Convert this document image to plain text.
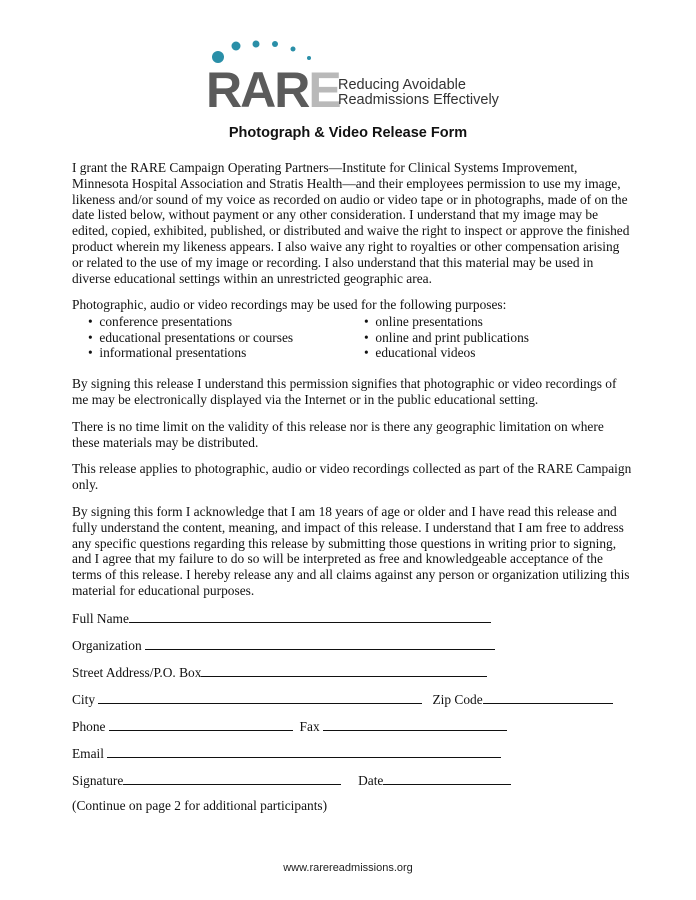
RARE
Reducing Avoidable
Readmissions Effectively
Photograph & Video Release Form

I grant the RARE Campaign Operating Partners—Institute for Clinical Systems Improvement, Minnesota Hospital Association and Stratis Health—and their employees permission to use my image, likeness and/or sound of my voice as recorded on audio or video tape or in photographs, made of on the date listed below, without payment or any other consideration. I understand that my image may be edited, copied, exhibited, published, or distributed and waive the right to inspect or approve the finished product wherein my likeness appears. I also waive any right to royalties or other compensation arising or related to the use of my image or recording. I also understand that this material may be used in diverse educational settings within an unrestricted geographic area.

Photographic, audio or video recordings may be used for the following purposes:

•  conference presentations
•  educational presentations or courses
•  informational presentations
•  online presentations
•  online and print publications
•  educational videos

By signing this release I understand this permission signifies that photographic or video recordings of me may be electronically displayed via the Internet or in the public educational setting.

There is no time limit on the validity of this release nor is there any geographic limitation on where these materials may be distributed.

This release applies to photographic, audio or video recordings collected as part of the RARE Campaign only.

By signing this form I acknowledge that I am 18 years of age or older and I have read this release and fully understand the content, meaning, and impact of this release. I understand that I am free to address any specific questions regarding this release by submitting those questions in writing prior to signing, and I agree that my failure to do so will be interpreted as free and knowledgeable acceptance of the terms of this release. I hereby release any and all claims against any person or organization utilizing this material for educational purposes.

Full Name
Organization
Street Address/P.O. Box
City	Zip Code
Phone	Fax
Email
Signature	Date
(Continue on page 2 for additional participants)
www.rarereadmissions.org
